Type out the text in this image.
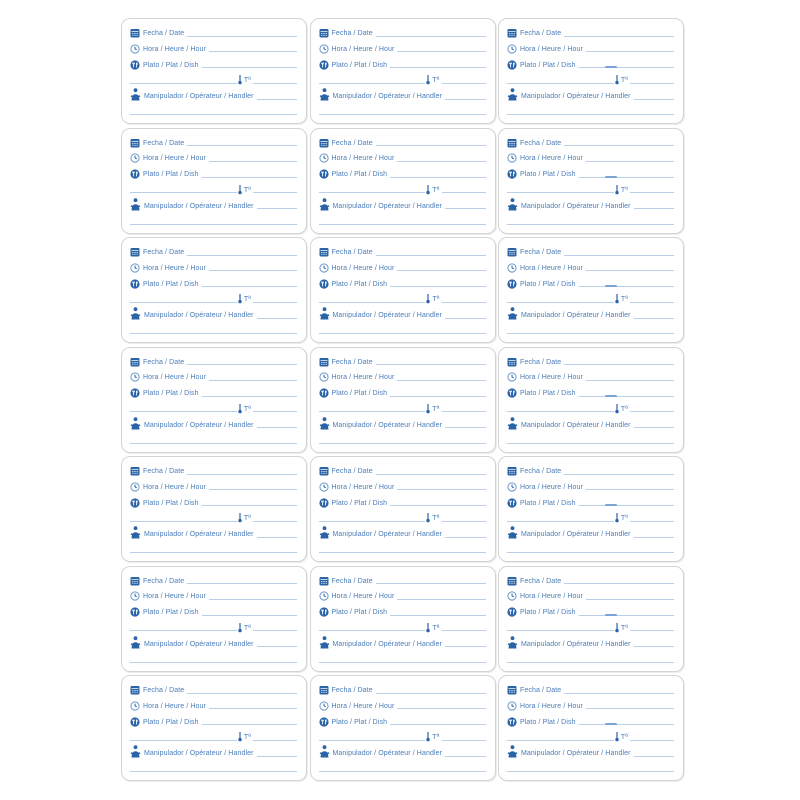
Fecha / Date
Hora / Heure / Hour
Plato / Plat / Dish
Tª
Manipulador / Opérateur / Handler
Fecha / Date
Hora / Heure / Hour
Plato / Plat / Dish
Tª
Manipulador / Opérateur / Handler
Fecha / Date
Hora / Heure / Hour
Plato / Plat / Dish
Tª
Manipulador / Opérateur / Handler
Fecha / Date
Hora / Heure / Hour
Plato / Plat / Dish
Tª
Manipulador / Opérateur / Handler
Fecha / Date
Hora / Heure / Hour
Plato / Plat / Dish
Tª
Manipulador / Opérateur / Handler
Fecha / Date
Hora / Heure / Hour
Plato / Plat / Dish
Tª
Manipulador / Opérateur / Handler
Fecha / Date
Hora / Heure / Hour
Plato / Plat / Dish
Tª
Manipulador / Opérateur / Handler
Fecha / Date
Hora / Heure / Hour
Plato / Plat / Dish
Tª
Manipulador / Opérateur / Handler
Fecha / Date
Hora / Heure / Hour
Plato / Plat / Dish
Tª
Manipulador / Opérateur / Handler
Fecha / Date
Hora / Heure / Hour
Plato / Plat / Dish
Tª
Manipulador / Opérateur / Handler
Fecha / Date
Hora / Heure / Hour
Plato / Plat / Dish
Tª
Manipulador / Opérateur / Handler
Fecha / Date
Hora / Heure / Hour
Plato / Plat / Dish
Tª
Manipulador / Opérateur / Handler
Fecha / Date
Hora / Heure / Hour
Plato / Plat / Dish
Tª
Manipulador / Opérateur / Handler
Fecha / Date
Hora / Heure / Hour
Plato / Plat / Dish
Tª
Manipulador / Opérateur / Handler
Fecha / Date
Hora / Heure / Hour
Plato / Plat / Dish
Tª
Manipulador / Opérateur / Handler
Fecha / Date
Hora / Heure / Hour
Plato / Plat / Dish
Tª
Manipulador / Opérateur / Handler
Fecha / Date
Hora / Heure / Hour
Plato / Plat / Dish
Tª
Manipulador / Opérateur / Handler
Fecha / Date
Hora / Heure / Hour
Plato / Plat / Dish
Tª
Manipulador / Opérateur / Handler
Fecha / Date
Hora / Heure / Hour
Plato / Plat / Dish
Tª
Manipulador / Opérateur / Handler
Fecha / Date
Hora / Heure / Hour
Plato / Plat / Dish
Tª
Manipulador / Opérateur / Handler
Fecha / Date
Hora / Heure / Hour
Plato / Plat / Dish
Tª
Manipulador / Opérateur / Handler
